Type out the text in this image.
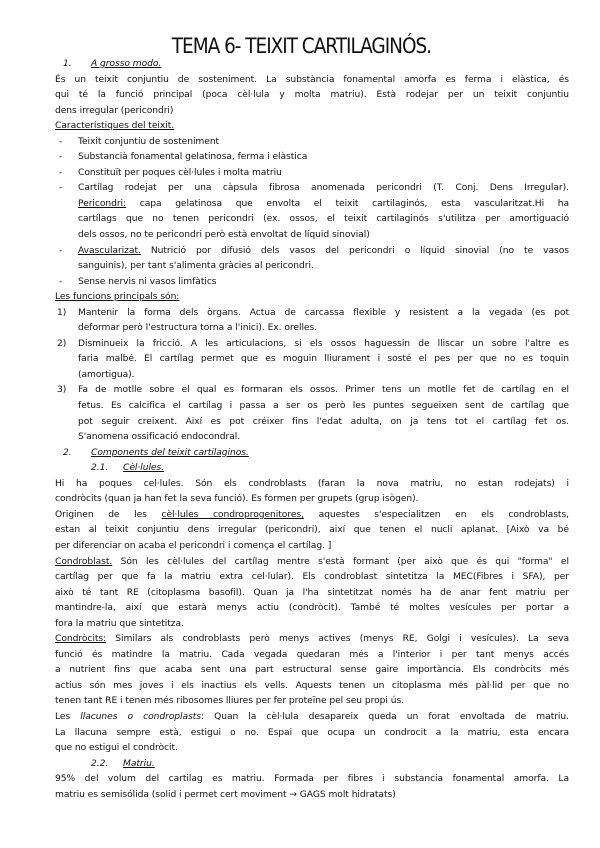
TEMA 6- TEIXIT CARTILAGINÓS.
1. A grosso modo.
És un teixit conjuntiu de sosteniment. La substància fonamental amorfa es ferma i elàstica, és
qui té la funció principal (poca cèl·lula y molta matriu). Està rodejar per un teixit conjuntiu
dens irregular (pericondri)
Característiques del teixit.
- Teixit conjuntiu de sosteniment
- Substancià fonamental gelatinosa, ferma i elàstica
- Constituït per poques cèl·lules i molta matriu
- Cartílag rodejat per una càpsula fibrosa anomenada pericondri (T. Conj. Dens Irregular).
Pericondri: capa gelatinosa que envolta el teixit cartilaginós, esta vascularitzat.Hi ha
cartílags que no tenen pericondri (ex. ossos, el teixit cartilaginós s'utilitza per amortiguació
dels ossos, no te pericondri però està envoltat de líquid sinovial)
- Avascularizat. Nutrició por difusió dels vasos del pericondri o líquid sinovial (no te vasos
sanguinis), per tant s'alimenta gràcies al pericondri.
- Sense nervis ni vasos limfàtics
Les funcions principals són:
1) Mantenir la forma dels òrgans. Actua de carcassa flexible y resistent a la vegada (es pot
deformar però l'estructura torna a l'inici). Ex. orelles.
2) Disminueix la fricció. A les articulacions, si els ossos haguessin de lliscar un sobre l'altre es
faria malbé. El cartílag permet que es moguin lliurament i sosté el pes per que no es toquin
(amortigua).
3) Fa de motlle sobre el qual es formaran els ossos. Primer tens un motlle fet de cartílag en el
fetus. Es calcifica el cartílag i passa a ser os però les puntes segueixen sent de cartílag que
pot seguir creixent. Així es pot créixer fins l'edat adulta, on ja tens tot el cartílag fet os.
S'anomena ossificació endocondral.
2. Components del teixit cartilaginos.
2.1. Cèl·lules.
Hi ha poques cel·lules. Són els condroblasts (faran la nova matriu, no estan rodejats) i
condròcits (quan ja han fet la seva funció). Es formen per grupets (grup isògen).
Originen de les cèl·lules condroprogenitores, aquestes s'especialitzen en els condroblasts,
estan al teixit conjuntiu dens irregular (pericondri), així que tenen el nucli aplanat. [Això va bé
per diferenciar on acaba el pericondri i comença el cartílag. ]
Condroblast. Són les cèl·lules del cartílag mentre s'està formant (per això que és qui "forma" el
cartílag per que fa la matriu extra cel·lular). Els condroblast sintetitza la MEC(Fibres i SFA), per
això té tant RE (citoplasma basofil). Quan ja l'ha sintetitzat només ha de anar fent matriu per
mantindre-la, així que estarà menys actiu (condròcit). També té moltes vesícules per portar a
fora la matriu que sintetitza.
Condròcits: Similars als condroblasts però menys actives (menys RE, Golgi i vesícules). La seva
funció és matindre la matriu. Cada vegada quedaran més a l'interior i per tant menys accés
a nutrient fins que acaba sent una part estructural sense gaire importància. Els condròcits més
actius són mes joves i els inactius els vells. Aquests tenen un citoplasma més pàl·lid per que no
tenen tant RE i tenen més ribosomes lliures per fer proteïne pel seu propi ús.
Les llacunes o condroplasts: Quan la cèl·lula desapareix queda un forat envoltada de matriu.
La llacuna sempre està, estigui o no. Espai que ocupa un condrocit a la matriu, esta encara
que no estigui el condròcit.
2.2. Matriu.
95% del volum del cartilag es matriu. Formada per fibres i substancia fonamental amorfa. La
matriu es semisólida (solid i permet cert moviment → GAGS molt hidratats)
